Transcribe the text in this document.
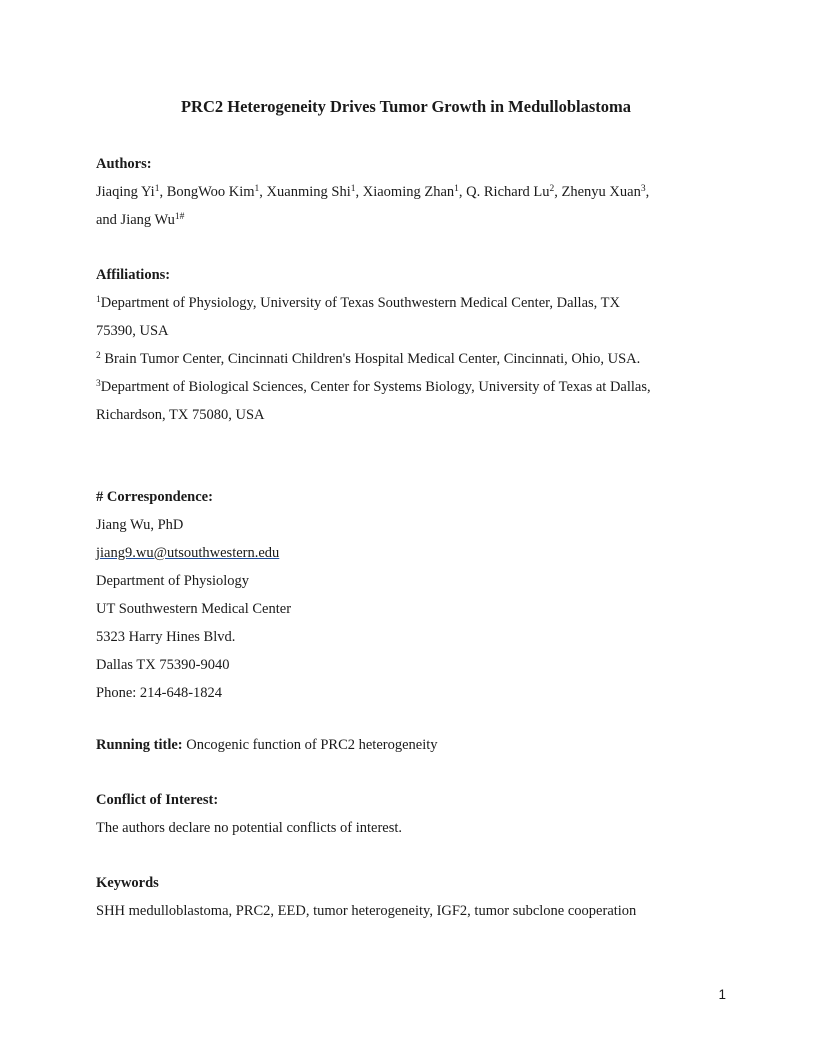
PRC2 Heterogeneity Drives Tumor Growth in Medulloblastoma
Authors:
Jiaqing Yi$^1$, BongWoo Kim$^1$, Xuanming Shi$^1$, Xiaoming Zhan$^1$, Q. Richard Lu$^2$, Zhenyu Xuan$^3$,
and Jiang $Wu^{1\#}$
Affiliations:
$^1$Department of Physiology, University of Texas Southwestern Medical Center, Dallas, TX
75390, USA
$^2$ Brain Tumor Center, Cincinnati Children's Hospital Medical Center, Cincinnati, Ohio, USA.
$^3$Department of Biological Sciences, Center for Systems Biology, University of Texas at Dallas,
Richardson, TX 75080, USA
# Correspondence:
Jiang Wu, PhD
jiang9.wu@utsouthwestern.edu
Department of Physiology
UT Southwestern Medical Center
5323 Harry Hines Blvd.
Dallas TX 75390-9040
Phone: 214-648-1824
Running title: Oncogenic function of PRC2 heterogeneity
Conflict of Interest:
The authors declare no potential conflicts of interest.
Keywords
SHH medulloblastoma, PRC2, EED, tumor heterogeneity, IGF2, tumor subclone cooperation
1
